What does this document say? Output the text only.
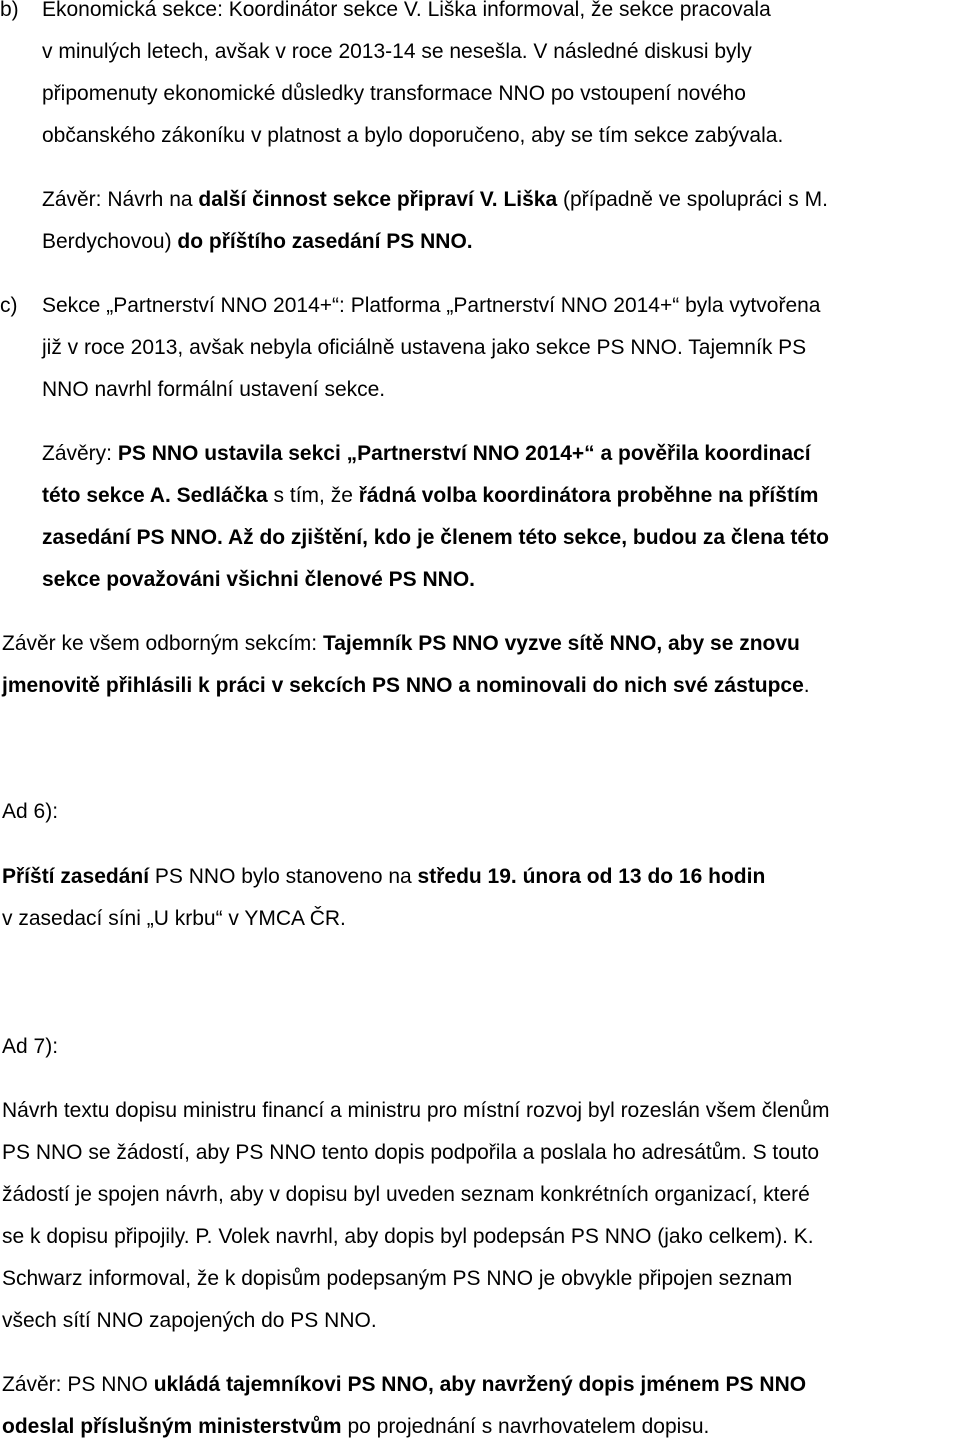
b) Ekonomická sekce: Koordinátor sekce V. Liška informoval, že sekce pracovala
v minulých letech, avšak v roce 2013-14 se nesešla. V následné diskusi byly
připomenuty ekonomické důsledky transformace NNO po vstoupení nového
občanského zákoníku v platnost a bylo doporučeno, aby se tím sekce zabývala.
Závěr: Návrh na další činnost sekce připraví V. Liška (případně ve spolupráci s M.
Berdychovou) do příštího zasedání PS NNO.
c) Sekce „Partnerství NNO 2014+“: Platforma „Partnerství NNO 2014+“ byla vytvořena
již v roce 2013, avšak nebyla oficiálně ustavena jako sekce PS NNO. Tajemník PS
NNO navrhl formální ustavení sekce.
Závěry: PS NNO ustavila sekci „Partnerství NNO 2014+“ a pověřila koordinací
této sekce A. Sedláčka s tím, že řádná volba koordinátora proběhne na příštím
zasedání PS NNO. Až do zjištění, kdo je členem této sekce, budou za člena této
sekce považováni všichni členové PS NNO.
Závěr ke všem odborným sekcím: Tajemník PS NNO vyzve sítě NNO, aby se znovu
jmenovitě přihlásili k práci v sekcích PS NNO a nominovali do nich své zástupce.
Ad 6):
Příští zasedání PS NNO bylo stanoveno na středu 19. února od 13 do 16 hodin
v zasedací síni „U krbu“ v YMCA ČR.
Ad 7):
Návrh textu dopisu ministru financí a ministru pro místní rozvoj byl rozeslán všem členům
PS NNO se žádostí, aby PS NNO tento dopis podpořila a poslala ho adresátům. S touto
žádostí je spojen návrh, aby v dopisu byl uveden seznam konkrétních organizací, které
se k dopisu připojily. P. Volek navrhl, aby dopis byl podepsán PS NNO (jako celkem). K.
Schwarz informoval, že k dopisům podepsaným PS NNO je obvykle připojen seznam
všech sítí NNO zapojených do PS NNO.
Závěr: PS NNO ukládá tajemníkovi PS NNO, aby navržený dopis jménem PS NNO
odeslal příslušným ministerstvům po projednání s navrhovatelem dopisu.
